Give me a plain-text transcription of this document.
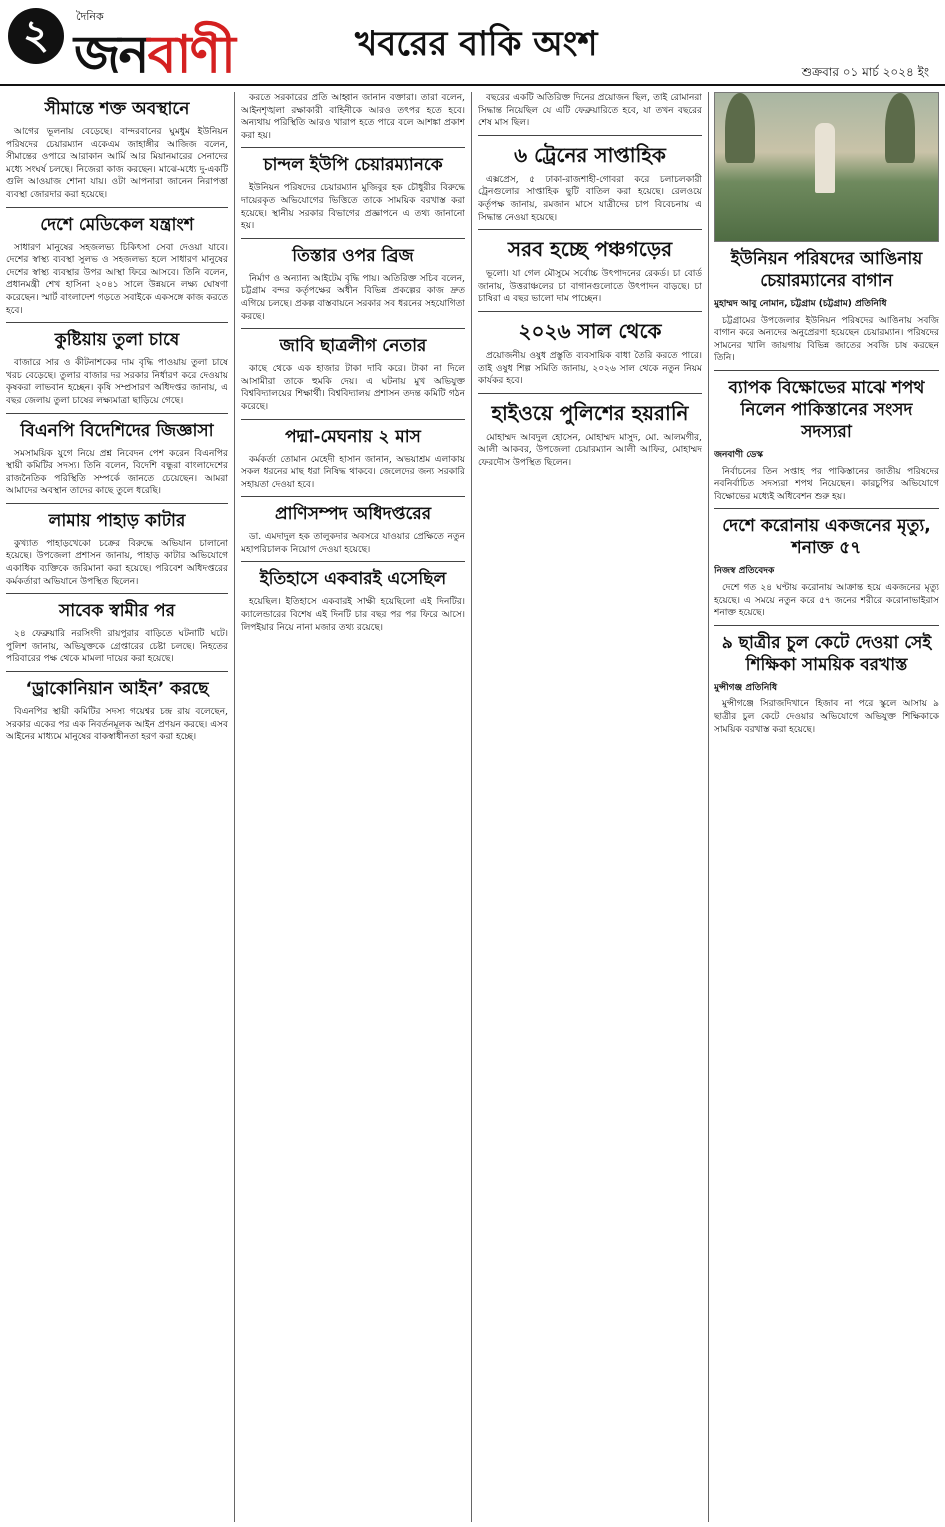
২	দৈনিক
জনবাণী	খবরের বাকি অংশ
শুক্রবার ০১ মার্চ ২০২৪ ইং
সীমান্তে শক্ত অবস্থানে

আগের ভূলনায় বেড়েছে। বান্দরবানের ঘুমধুম ইউনিয়ন পরিষদের চেয়ারম্যান একেএম জাহাঙ্গীর আজিজ বলেন, সীমান্তের ওপারে আরাকান আর্মি আর মিয়ানমারের সেনাদের মধ্যে সংঘর্ষ চলছে। নিজেরা কাজ করছেন। মাঝে-মধ্যে দু-একটি গুলি আওয়াজ শোনা যায়। ওটা আপনারা জানেন নিরাপত্তা ব্যবস্থা জোরদার করা হয়েছে।

দেশে মেডিকেল যন্ত্রাংশ

সাধারণ মানুষের সহজলভ্য চিকিৎসা সেবা দেওয়া যাবে। দেশের স্বাস্থ্য ব্যবস্থা সুলভ ও সহজলভ্য হলে সাধারণ মানুষের দেশের স্বাস্থ্য ব্যবস্থার উপর আস্থা ফিরে আসবে। তিনি বলেন, প্রধানমন্ত্রী শেখ হাসিনা ২০৪১ সালে উন্নয়নে লক্ষ্য ঘোষণা করেছেন। স্মার্ট বাংলাদেশ গড়তে সবাইকে একসঙ্গে কাজ করতে হবে।

কুষ্টিয়ায় তুলা চাষে

বাজারে সার ও কীটনাশকের দাম বৃদ্ধি পাওয়ায় তুলা চাষে খরচ বেড়েছে। তুলার বাজার দর সরকার নির্ধারণ করে দেওয়ায় কৃষকরা লাভবান হচ্ছেন। কৃষি সম্প্রসারণ অধিদপ্তর জানায়, এ বছর জেলায় তুলা চাষের লক্ষ্যমাত্রা ছাড়িয়ে গেছে।

বিএনপি বিদেশিদের জিজ্ঞাসা

সমসাময়িক যুগে নিয়ে প্রশ্ন নিবেদন পেশ করেন বিএনপির স্থায়ী কমিটির সদস্য। তিনি বলেন, বিদেশি বন্ধুরা বাংলাদেশের রাজনৈতিক পরিস্থিতি সম্পর্কে জানতে চেয়েছেন। আমরা আমাদের অবস্থান তাদের কাছে তুলে ধরেছি।

লামায় পাহাড় কাটার

কুখ্যাত পাহাড়খেকো চক্রের বিরুদ্ধে অভিযান চালানো হয়েছে। উপজেলা প্রশাসন জানায়, পাহাড় কাটার অভিযোগে একাধিক ব্যক্তিকে জরিমানা করা হয়েছে। পরিবেশ অধিদপ্তরের কর্মকর্তারা অভিযানে উপস্থিত ছিলেন।

সাবেক স্বামীর পর

২৪ ফেব্রুয়ারি নরসিংদী রায়পুরার বাড়িতে ঘটনাটি ঘটে। পুলিশ জানায়, অভিযুক্তকে গ্রেপ্তারের চেষ্টা চলছে। নিহতের পরিবারের পক্ষ থেকে মামলা দায়ের করা হয়েছে।

‘ড্রাকোনিয়ান আইন’ করছে

বিএনপির স্থায়ী কমিটির সদস্য গয়েশ্বর চন্দ্র রায় বলেছেন, সরকার একের পর এক নিবর্তনমূলক আইন প্রণয়ন করছে। এসব আইনের মাধ্যমে মানুষের বাকস্বাধীনতা হরণ করা হচ্ছে।

করতে সরকারের প্রতি আহ্বান জানান বক্তারা। তারা বলেন, আইনশৃঙ্খলা রক্ষাকারী বাহিনীকে আরও তৎপর হতে হবে। অন্যথায় পরিস্থিতি আরও খারাপ হতে পারে বলে আশঙ্কা প্রকাশ করা হয়।

চান্দল ইউপি চেয়ারম্যানকে

ইউনিয়ন পরিষদের চেয়ারম্যান মুজিবুর হক চৌধুরীর বিরুদ্ধে দায়েরকৃত অভিযোগের ভিত্তিতে তাকে সাময়িক বরখাস্ত করা হয়েছে। স্থানীয় সরকার বিভাগের প্রজ্ঞাপনে এ তথ্য জানানো হয়।

তিস্তার ওপর ব্রিজ

নির্মাণ ও অন্যান্য আইটেম বৃদ্ধি পায়। অতিরিক্ত সচিব বলেন, চট্টগ্রাম বন্দর কর্তৃপক্ষের অধীন বিভিন্ন প্রকল্পের কাজ দ্রুত এগিয়ে চলছে। প্রকল্প বাস্তবায়নে সরকার সব ধরনের সহযোগিতা করছে।

জাবি ছাত্রলীগ নেতার

কাছে থেকে এক হাজার টাকা দাবি করে। টাকা না দিলে আসামীরা তাকে হুমকি দেয়। এ ঘটনায় মুখ অভিযুক্ত বিশ্ববিদ্যালয়ের শিক্ষার্থী। বিশ্ববিদ্যালয় প্রশাসন তদন্ত কমিটি গঠন করেছে।

পদ্মা-মেঘনায় ২ মাস

কর্মকর্তা তোমান মেহেদী হাসান জানান, অভয়াশ্রম এলাকায় সকল ধরনের মাছ ধরা নিষিদ্ধ থাকবে। জেলেদের জন্য সরকারি সহায়তা দেওয়া হবে।

প্রাণিসম্পদ অধিদপ্তরের

ডা. এমদাদুল হক তালুকদার অবসরে যাওয়ার প্রেক্ষিতে নতুন মহাপরিচালক নিয়োগ দেওয়া হয়েছে।

ইতিহাসে একবারই এসেছিল

হয়েছিল। ইতিহাসে একবারই সাক্ষী হয়েছিলো এই দিনটির। ক্যালেন্ডারের বিশেষ এই দিনটি চার বছর পর পর ফিরে আসে। লিপইয়ার নিয়ে নানা মজার তথ্য রয়েছে।

বছরের একটি অতিরিক্ত দিনের প্রয়োজন ছিল, তাই রোমানরা সিদ্ধান্ত নিয়েছিল যে এটি ফেব্রুয়ারিতে হবে, যা তখন বছরের শেষ মাস ছিল।

৬ ট্রেনের সাপ্তাহিক

এক্সপ্রেস, ৫ ঢাকা-রাজশাহী-গোবরা করে চলাচলকারী ট্রেনগুলোর সাপ্তাহিক ছুটি বাতিল করা হয়েছে। রেলওয়ে কর্তৃপক্ষ জানায়, রমজান মাসে যাত্রীদের চাপ বিবেচনায় এ সিদ্ধান্ত নেওয়া হয়েছে।

সরব হচ্ছে পঞ্চগড়ের

ভূলো। যা গেল মৌসুমে সর্বোচ্চ উৎপাদনের রেকর্ড। চা বোর্ড জানায়, উত্তরাঞ্চলের চা বাগানগুলোতে উৎপাদন বাড়ছে। চা চাষিরা এ বছর ভালো দাম পাচ্ছেন।

২০২৬ সাল থেকে

প্রয়োজনীয় ওষুধ প্রস্তুতি ব্যবসায়িক বাধা তৈরি করতে পারে। তাই ওষুধ শিল্প সমিতি জানায়, ২০২৬ সাল থেকে নতুন নিয়ম কার্যকর হবে।

হাইওয়ে পুলিশের হয়রানি

মোহাম্মদ আবদুল হোসেন, মোহাম্মদ মাসুদ, মো. আলমগীর, আলী আকবর, উপজেলা চেয়ারম্যান আলী আফির, মোহাম্মদ ফেরদৌস উপস্থিত ছিলেন।

ইউনিয়ন পরিষদের আঙিনায় চেয়ারম্যানের বাগান
মুহাম্মদ আবু নোমান, চট্টগ্রাম (চট্টগ্রাম) প্রতিনিধি

চট্টগ্রামের উপজেলার ইউনিয়ন পরিষদের আঙিনায় সবজি বাগান করে অন্যদের অনুপ্রেরণা হয়েছেন চেয়ারম্যান। পরিষদের সামনের খালি জায়গায় বিভিন্ন জাতের সবজি চাষ করছেন তিনি।

ব্যাপক বিক্ষোভের মাঝে শপথ নিলেন পাকিস্তানের সংসদ সদস্যরা
জনবাণী ডেস্ক

নির্বাচনের তিন সপ্তাহ পর পাকিস্তানের জাতীয় পরিষদের নবনির্বাচিত সদস্যরা শপথ নিয়েছেন। কারচুপির অভিযোগে বিক্ষোভের মধ্যেই অধিবেশন শুরু হয়।

দেশে করোনায় একজনের মৃত্যু, শনাক্ত ৫৭
নিজস্ব প্রতিবেদক

দেশে গত ২৪ ঘণ্টায় করোনায় আক্রান্ত হয়ে একজনের মৃত্যু হয়েছে। এ সময়ে নতুন করে ৫৭ জনের শরীরে করোনাভাইরাস শনাক্ত হয়েছে।

৯ ছাত্রীর চুল কেটে দেওয়া সেই শিক্ষিকা সাময়িক বরখাস্ত
মুন্সীগঞ্জ প্রতিনিধি

মুন্সীগঞ্জে সিরাজদিখানে হিজাব না পরে স্কুলে আসায় ৯ ছাত্রীর চুল কেটে দেওয়ার অভিযোগে অভিযুক্ত শিক্ষিকাকে সাময়িক বরখাস্ত করা হয়েছে।
